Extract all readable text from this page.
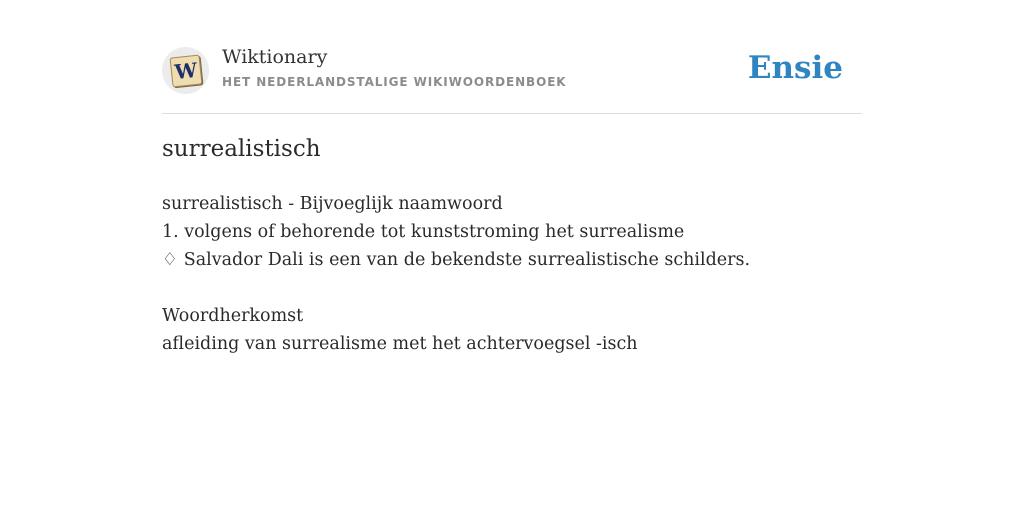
W
Wiktionary
HET NEDERLANDSTALIGE WIKIWOORDENBOEK	Ensie
surrealistisch
surrealistisch - Bijvoeglijk naamwoord
1. volgens of behorende tot kunststroming het surrealisme
♢ Salvador Dali is een van de bekendste surrealistische schilders.
Woordherkomst
afleiding van surrealisme met het achtervoegsel -isch
